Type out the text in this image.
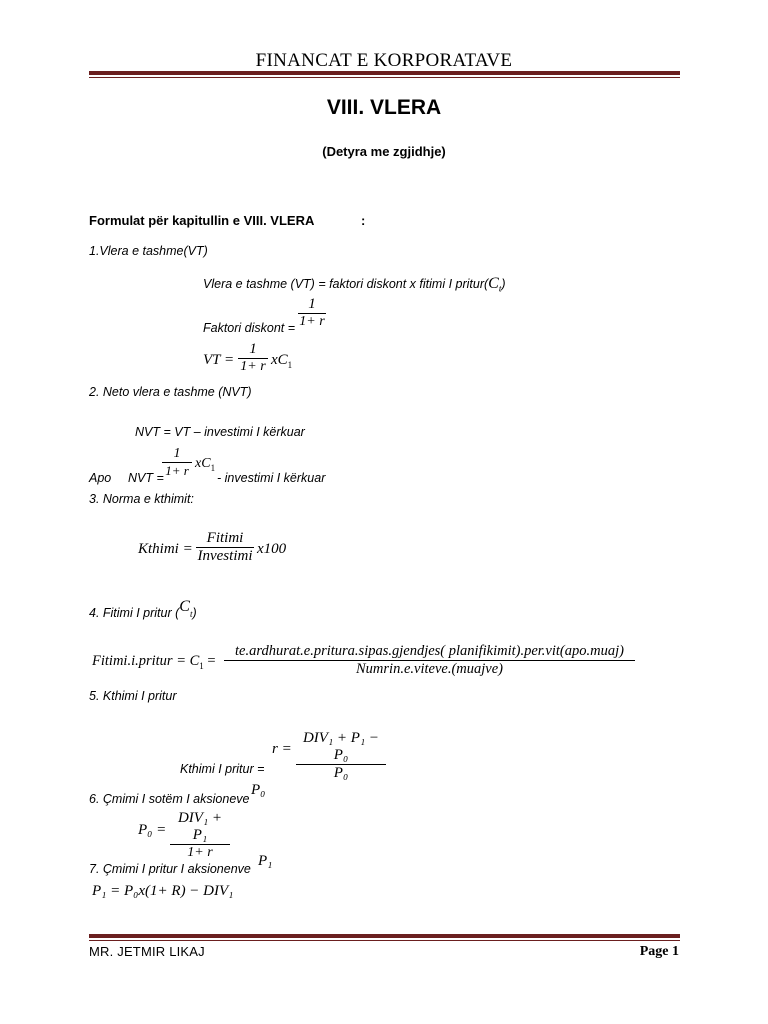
FINANCAT E KORPORATAVE
VIII. VLERA
(Detyra me zgjidhje)
Formulat për kapitullin e VIII. VLERA	:
1.Vlera e tashme(VT)
Vlera e tashme (VT) = faktori diskont x fitimi I $pritur(C_t)$
1
1+ r
Faktori diskont =
VT =
1
1+ r $xC_1$
2. Neto vlera e tashme (NVT)
NVT = VT – investimi I kërkuar
1
1+ r $xC_1$
Apo NVT =	- investimi I kërkuar
3. Norma e kthimit:
Kthimi =
Fitimi
Investimi x100
4. Fitimi I pritur $(C_t)$
Fitimi.i.pritur = $C_1$ =
te.ardhurat.e.pritura.sipas.gjendjes( planifikimit).per.vit(apo.muaj)
Numrin.e.viteve.(muajve)
5. Kthimi I pritur
r =
DIV₁ + P₁ − P₀
P₀
Kthimi I pritur =
6. Çmimi I sotëm I aksioneve
P₀
P₀ =
DIV₁ + P₁
1+ r
7. Çmimi I pritur I aksionenve P₁
P₁ = P₀x(1+ R) − DIV₁
MR. JETMIR LIKAJ	Page 1
